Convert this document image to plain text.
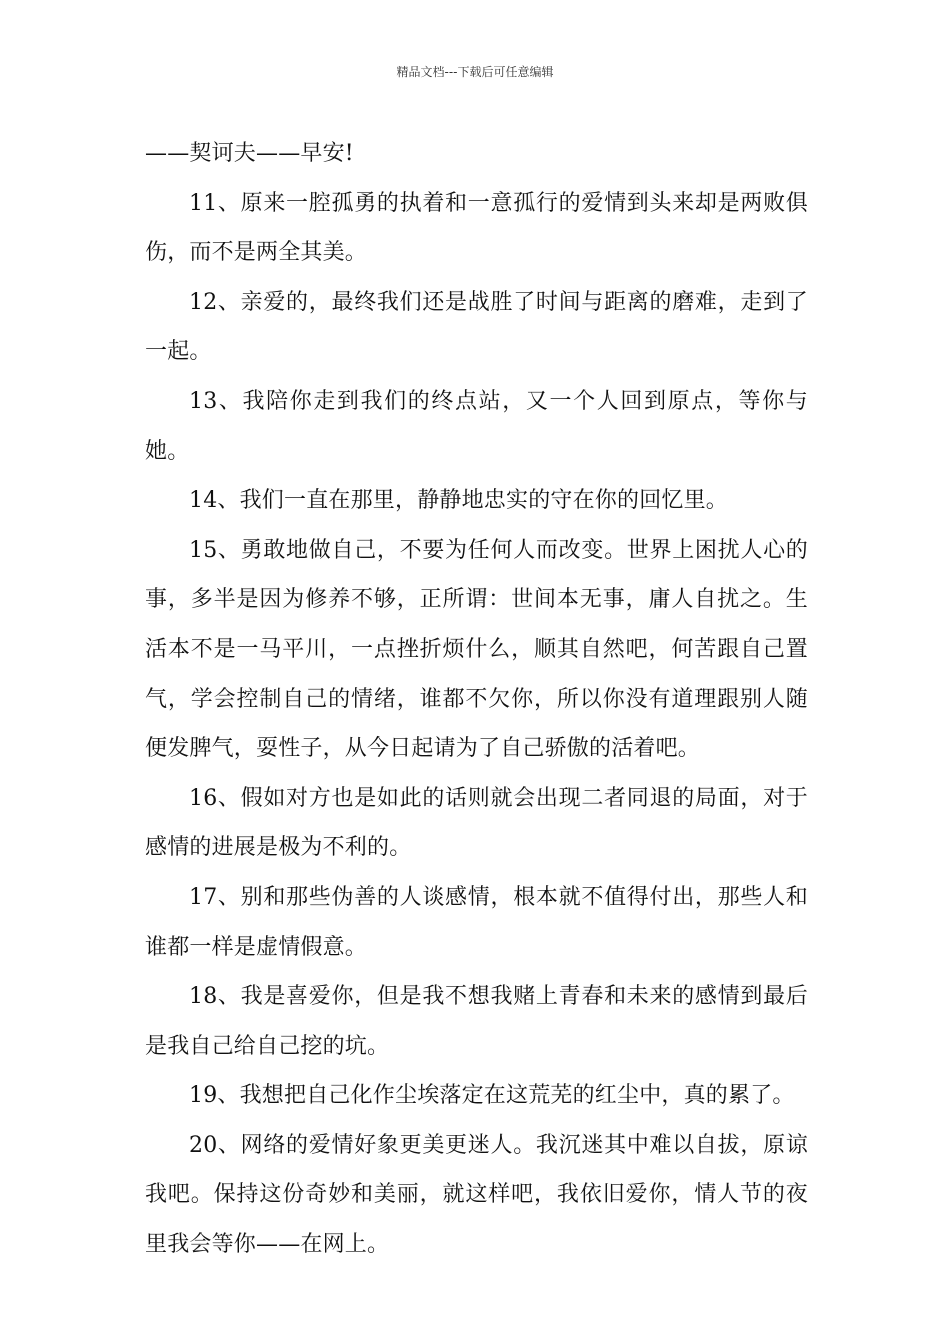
精品文档---下载后可任意编辑

——契诃夫——早安!

11、原来一腔孤勇的执着和一意孤行的爱情到头来却是两败俱伤，而不是两全其美。

12、亲爱的，最终我们还是战胜了时间与距离的磨难，走到了一起。

13、我陪你走到我们的终点站，又一个人回到原点，等你与她。

14、我们一直在那里，静静地忠实的守在你的回忆里。

15、勇敢地做自己，不要为任何人而改变。世界上困扰人心的事，多半是因为修养不够，正所谓：世间本无事，庸人自扰之。生活本不是一马平川，一点挫折烦什么，顺其自然吧，何苦跟自己置气，学会控制自己的情绪，谁都不欠你，所以你没有道理跟别人随便发脾气，耍性子，从今日起请为了自己骄傲的活着吧。

16、假如对方也是如此的话则就会出现二者同退的局面，对于感情的进展是极为不利的。

17、别和那些伪善的人谈感情，根本就不值得付出，那些人和谁都一样是虚情假意。

18、我是喜爱你，但是我不想我赌上青春和未来的感情到最后是我自己给自己挖的坑。

19、我想把自己化作尘埃落定在这荒芜的红尘中，真的累了。

20、网络的爱情好象更美更迷人。我沉迷其中难以自拔，原谅我吧。保持这份奇妙和美丽，就这样吧，我依旧爱你，情人节的夜里我会等你——在网上。
